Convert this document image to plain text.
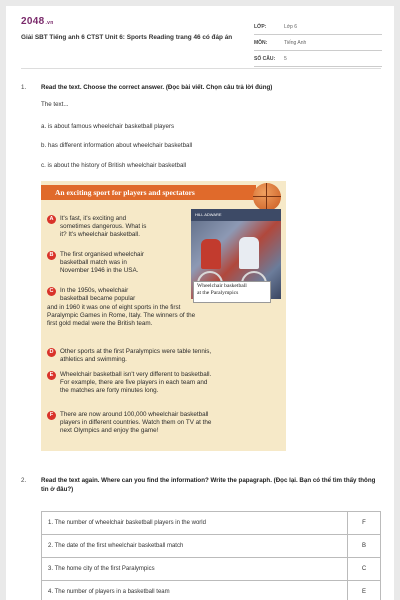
2048.vn
Giải SBT Tiếng anh 6 CTST Unit 6: Sports Reading trang 46 có đáp án
LỚP:	Lớp 6
MÔN:	Tiếng Anh
SỐ CÂU: 5
1. Read the text. Choose the correct answer. (Đọc bài viết. Chọn câu trả lời đúng)
The text...
a. is about famous wheelchair basketball players
b. has different information about wheelchair basketball
c. is about the history of British wheelchair basketball
An exciting sport for players and spectators
HILL ADWARE
Wheelchair basketball
at the Paralympics
A	It's fast, it's exciting and
sometimes dangerous. What is
it? It's wheelchair basketball.
B	The first organised wheelchair
basketball match was in
November 1946 in the USA.
C	In the 1950s, wheelchair
basketball became popular
and in 1960 it was one of eight sports in the first
Paralympic Games in Rome, Italy. The winners of the
first gold medal were the British team.
D	Other sports at the first Paralympics were table tennis,
athletics and swimming.
E	Wheelchair basketball isn't very different to basketball.
For example, there are five players in each team and
the matches are forty minutes long.
F	There are now around 100,000 wheelchair basketball
players in different countries. Watch them on TV at the
next Olympics and enjoy the game!
2. Read the text again. Where can you find the information? Write the papagraph. (Đọc lại. Bạn có thể tìm thấy thông tin ở đâu?)
1. The number of wheelchair basketball players in the world	F
2. The date of the first wheelchair basketball match	B
3. The home city of the first Paralympics	C
4. The number of players in a basketball team	E
